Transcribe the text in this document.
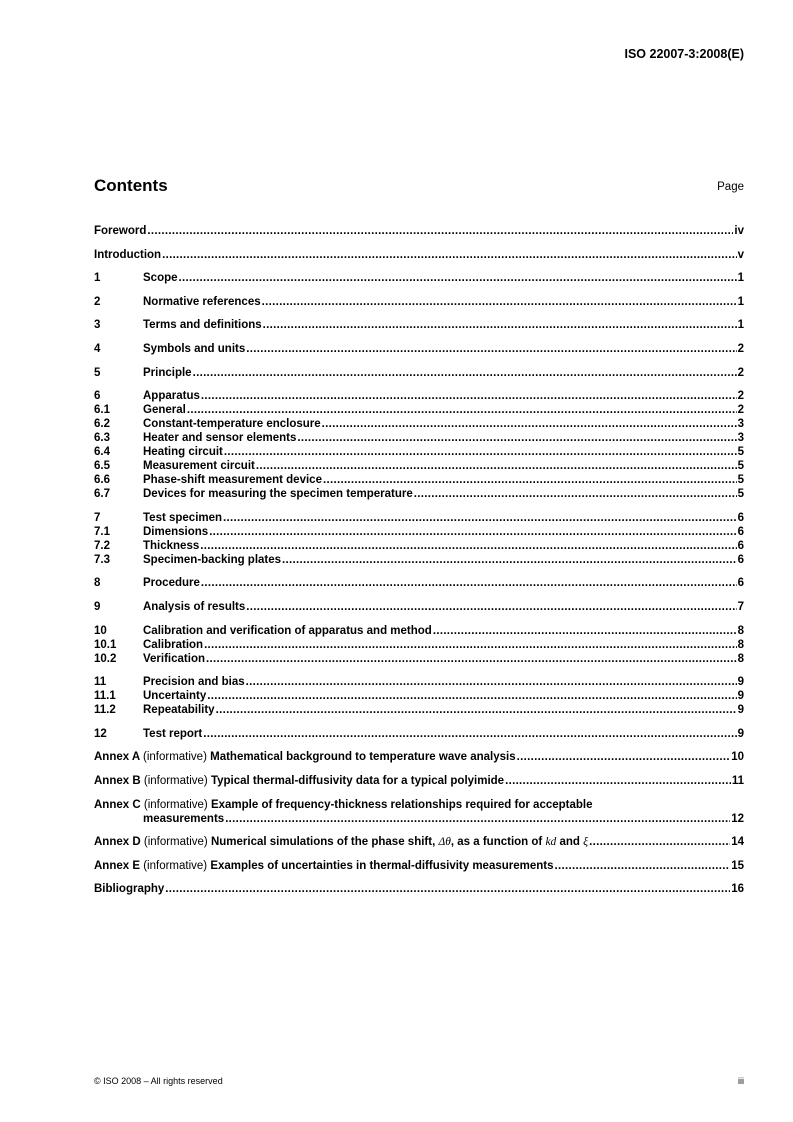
ISO 22007-3:2008(E)
Contents	Page
Foreword .....	iv
Introduction .....	v
1	Scope .....	1
2	Normative references .....	1
3	Terms and definitions .....	1
4	Symbols and units .....	2
5	Principle .....	2
6	Apparatus .....	2
6.1	General .....	2
6.2	Constant-temperature enclosure .....	3
6.3	Heater and sensor elements .....	3
6.4	Heating circuit .....	5
6.5	Measurement circuit .....	5
6.6	Phase-shift measurement device .....	5
6.7	Devices for measuring the specimen temperature .....	5
7	Test specimen .....	6
7.1	Dimensions .....	6
7.2	Thickness .....	6
7.3	Specimen-backing plates .....	6
8	Procedure .....	6
9	Analysis of results .....	7
10	Calibration and verification of apparatus and method .....	8
10.1 Calibration .....	8
10.2 Verification .....	8
11	Precision and bias .....	9
11.1 Uncertainty .....	9
11.2 Repeatability .....	9
12	Test report .....	9
Annex A (informative) Mathematical background to temperature wave analysis .....	10
Annex B (informative) Typical thermal-diffusivity data for a typical polyimide .....	11
Annex C (informative) Example of frequency-thickness relationships required for acceptable
measurements .....	12
Annex D (informative) Numerical simulations of the phase shift, Δθ, as a function of kd and ξ .....	14
Annex E (informative) Examples of uncertainties in thermal-diffusivity measurements .....	15
Bibliography .....	16
© ISO 2008 – All rights reserved	iii
